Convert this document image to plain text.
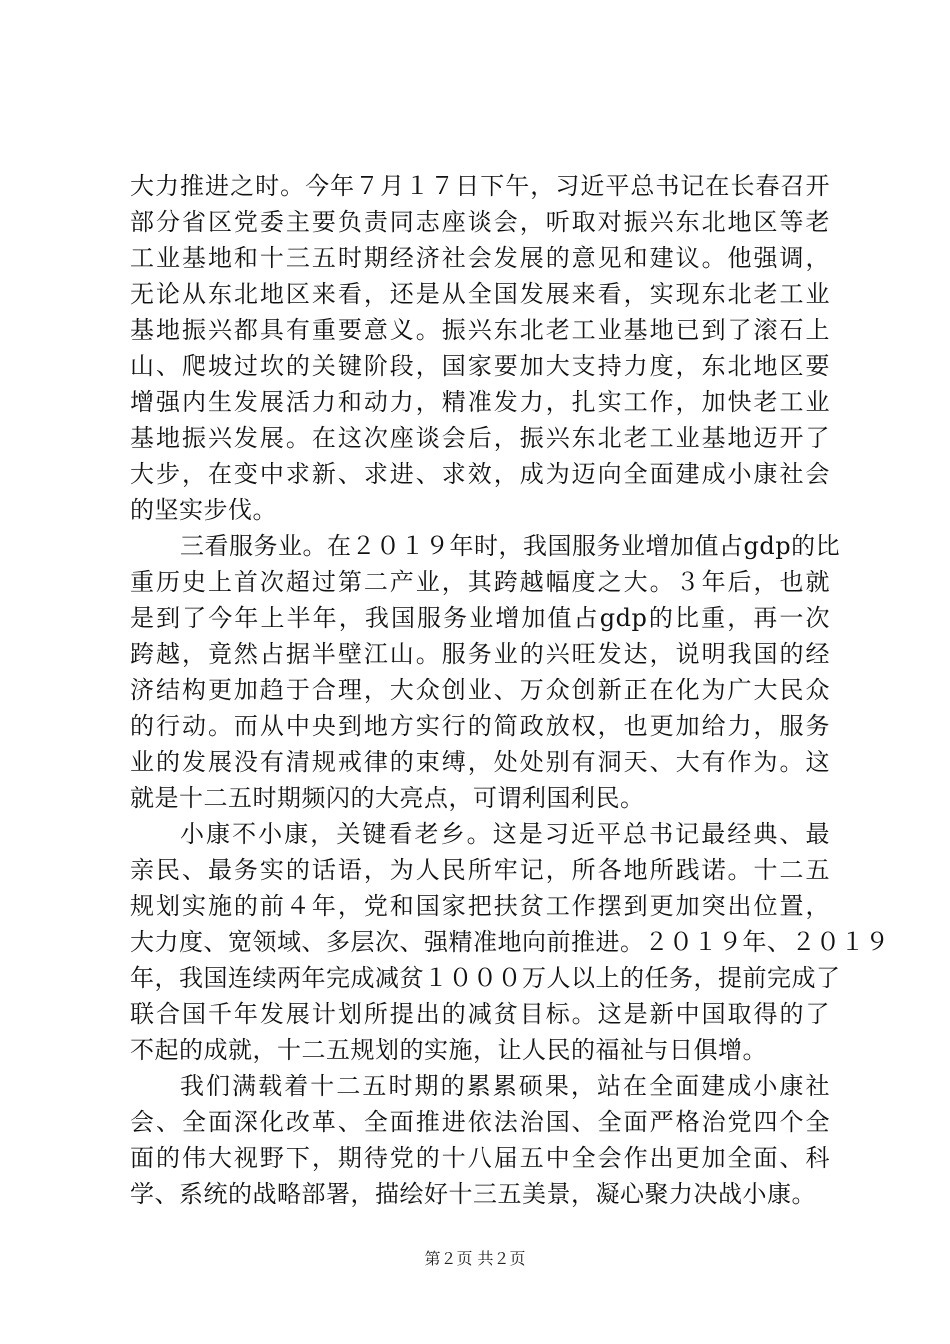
大力推进之时。今年７月１７日下午，习近平总书记在长春召开
部分省区党委主要负责同志座谈会，听取对振兴东北地区等老
工业基地和十三五时期经济社会发展的意见和建议。他强调，
无论从东北地区来看，还是从全国发展来看，实现东北老工业
基地振兴都具有重要意义。振兴东北老工业基地已到了滚石上
山、爬坡过坎的关键阶段，国家要加大支持力度，东北地区要
增强内生发展活力和动力，精准发力，扎实工作，加快老工业
基地振兴发展。在这次座谈会后，振兴东北老工业基地迈开了
大步，在变中求新、求进、求效，成为迈向全面建成小康社会
的坚实步伐。
三看服务业。在２０１９年时，我国服务业增加值占gdp的比
重历史上首次超过第二产业，其跨越幅度之大。３年后，也就
是到了今年上半年，我国服务业增加值占gdp的比重，再一次
跨越，竟然占据半壁江山。服务业的兴旺发达，说明我国的经
济结构更加趋于合理，大众创业、万众创新正在化为广大民众
的行动。而从中央到地方实行的简政放权，也更加给力，服务
业的发展没有清规戒律的束缚，处处别有洞天、大有作为。这
就是十二五时期频闪的大亮点，可谓利国利民。
小康不小康，关键看老乡。这是习近平总书记最经典、最
亲民、最务实的话语，为人民所牢记，所各地所践诺。十二五
规划实施的前４年，党和国家把扶贫工作摆到更加突出位置，
大力度、宽领域、多层次、强精准地向前推进。２０１９年、２０１９
年，我国连续两年完成减贫１０００万人以上的任务，提前完成了
联合国千年发展计划所提出的减贫目标。这是新中国取得的了
不起的成就，十二五规划的实施，让人民的福祉与日俱增。
我们满载着十二五时期的累累硕果，站在全面建成小康社
会、全面深化改革、全面推进依法治国、全面严格治党四个全
面的伟大视野下，期待党的十八届五中全会作出更加全面、科
学、系统的战略部署，描绘好十三五美景，凝心聚力决战小康。
第２页 共２页
